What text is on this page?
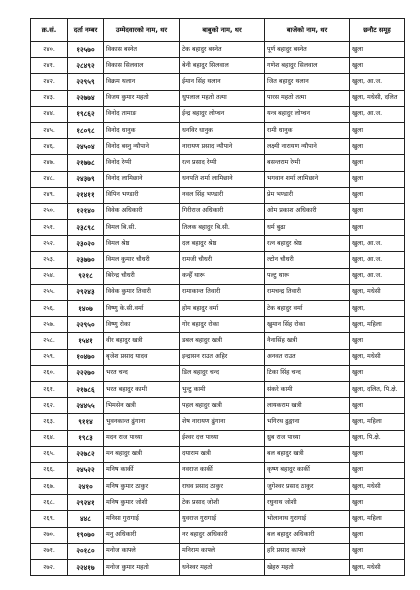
क्र.सं.	दर्ता नम्बर	उम्मेदवारको नाम, थर	बाबुको नाम, थर	बाजेको नाम, थर	छनौट समूह
२४०.	१२५७०	विकास बस्नेत	टेक बहादुर बस्नेत	पूर्ण बहादुर बस्नेत	खुला
२४१.	२८४९२	विकास सिलवाल	बेनी बहादुर सिलवाल	गणेश बहादुर सिलवाल	खुला
२४२.	२२९५९	विक्रम थलान	ईमान सिंह थलान	जित बहादुर थलान	खुला, आ.ज.
२४३.	२२७७४	विजय कुमार महतो	धुपलाल महतो तत्मा	पारस महतो तत्मा	खुला, मधेसी, दलित
२४४.	१९८६२	विनोद तामाङ	ईन्द्र बहादुर लोप्चन	यन्त्र बहादुर लोप्चन	खुला, आ.ज.
२४५.	१८०९८	विनोद धानुक	धनविर धानुक	रामी धानुक	खुला
२४६.	२४५०४	विनोद बस्नु न्यौपाने	नारायण प्रसाद न्यौपाने	लक्ष्मी नारायण न्यौपाने	खुला
२४७.	२१७७८	विनोद रेग्मी	रत्न प्रसाद रेग्मी	बसन्तराम रेग्मी	खुला
२४८.	२४३७९	विनोद लामिछाने	धनपति शर्मा लामिछाने	भगवान शर्मा लामिछाने	खुला
२४९.	२१४११	विपिन भण्डारी	नवल सिंह भण्डारी	प्रेम भण्डारी	खुला
२५०.	१२१४०	विवेक अधिकारी	गिरीराज अधिकारी	ओम प्रकाश अधिकारी	खुला
२५१.	२३८९८	विमल बि.सी.	तिलक बहादुर बि.सी.	धर्म बुढा	खुला
२५२.	२३०२०	विमल श्रेष्ठ	दल बहादुर श्रेष्ठ	रत्न बहादुर श्रेष्ठ	खुला, आ.ज.
२५३.	२३७७०	विमल कुमार चौधरी	रामजी चौधरी	ल्टोन चौधरी	खुला, आ.ज.
२५४.	९२१८	बिरेन्द्र चौधरी	कन्हैँ थारू	पल्टु थारू	खुला, आ.ज.
२५५.	२९२४३	विवेक कुमार तिवारी	रामाकान्त तिवारी	रामचन्द्र तिवारी	खुला, मधेसी
२५६.	१४०७	विष्णु के.सी.वर्मा	होम बहादुर वर्मा	टेक बहादुर वर्मा	खुला,
२५७.	२२९५०	विष्णु रोका	गोर बहादुर रोका	खुमान सिंह रोका	खुला, महिला
२५८.	१५४१	वीर बहादुर खत्री	डबल बहादुर खत्री	नैनासिंह खत्री	खुला
२५९.	१०४७०	बृजेश प्रसाद यादव	इन्द्रासन राउत अहिर	अनवत राउत	खुला, मधेसी
२६०.	२२२७०	भरत चन्द	डिल बहादुर चन्द	टिका सिंह चन्द	खुला
२६१.	२१७८६	भरत बहादुर कामी	भुन्टु कामी	संकरे कामी	खुला, दलित, पि.क्षे.
२६२.	२४४५५	भिमसेन खत्री	पहल बहादुर खत्री	लायकराम खत्री	खुला
२६३.	९११४	भुवनकान्त ढुंगाना	शेष नारायण ढुंगाना	भगिरथ ढुङ्गाना	खुला, महिला
२६४.	१९८३	मदन राज पाध्या	ईश्वर दत्त पाध्या	ध्रुब राज पाध्या	खुला, पि.क्षे.
२६५.	२२७८२	मन बहादुर खत्री	दयाराम खत्री	बल बहादुर खत्री	खुला
२६६.	२४५२२	मनिष कार्की	नवराज कार्की	कृष्ण बहादुर कार्की	खुला
२६७.	२४१०	मनिष कुमार ठाकुर	राघव प्रसाद ठाकुर	जुगेश्वर प्रसाद ठाकुर	खुला, मधेसी
२६८.	२९२४१	मनिष कुमार जोशी	टेक प्रसाद जोशी	रघुनाथ जोशी	खुला
२६९.	४४८	मनिसा गुरागाई	युवराज गुरागाई	भोलानाथ गुरागाई	खुला, महिला
२७०.	१९०७०	मनु अधिकारी	नर बहादुर अधिकारी	बल बहादुर अधिकारी	खुला
२७१.	२०१८०	मनोज काफ्ले	मनिराम काफ्ले	हरि प्रसाद काफ्ले	खुला
२७२.	२२४१७	मनोज कुमार महतो	धनेश्वर महतो	खेहरु महतो	खुला, मधेसी
